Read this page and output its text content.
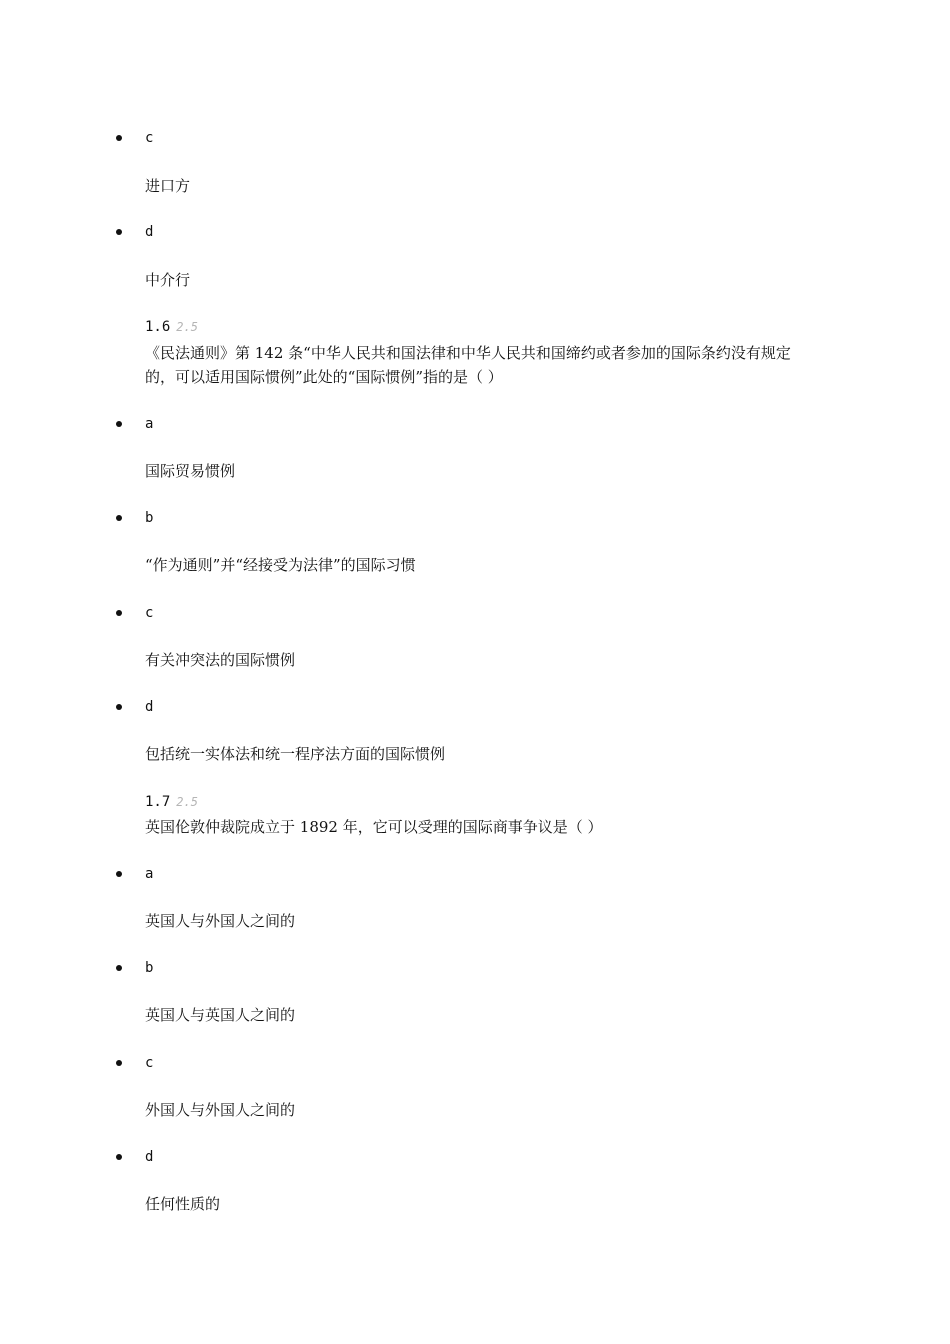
c
进口方
d
中介行
1.6 2.5
《民法通则》第 142 条“中华人民共和国法律和中华人民共和国缔约或者参加的国际条约没有规定的，可以适用国际惯例”此处的“国际惯例”指的是（ ）
a
国际贸易惯例
b
“作为通则”并“经接受为法律”的国际习惯
c
有关冲突法的国际惯例
d
包括统一实体法和统一程序法方面的国际惯例
1.7 2.5
英国伦敦仲裁院成立于 1892 年，它可以受理的国际商事争议是（ ）
a
英国人与外国人之间的
b
英国人与英国人之间的
c
外国人与外国人之间的
d
任何性质的
